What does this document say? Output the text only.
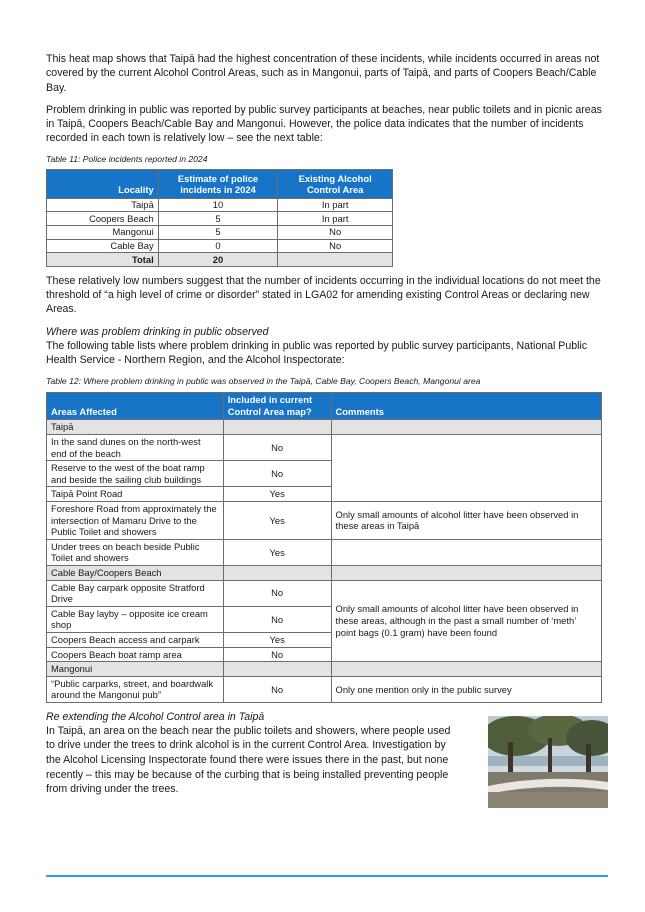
This heat map shows that Taipā had the highest concentration of these incidents, while incidents occurred in areas not covered by the current Alcohol Control Areas, such as in Mangonui, parts of Taipā, and parts of Coopers Beach/Cable Bay.

Problem drinking in public was reported by public survey participants at beaches, near public toilets and in picnic areas in Taipā, Coopers Beach/Cable Bay and Mangonui. However, the police data indicates that the number of incidents recorded in each town is relatively low – see the next table:

Table 11: Police incidents reported in 2024
Locality	Estimate of police incidents in 2024	Existing Alcohol Control Area
Taipā	10	In part
Coopers Beach	5	In part
Mangonui	5	No
Cable Bay	0	No
Total	20	

These relatively low numbers suggest that the number of incidents occurring in the individual locations do not meet the threshold of “a high level of crime or disorder” stated in LGA02 for amending existing Control Areas or declaring new Areas.

Where was problem drinking in public observed

The following table lists where problem drinking in public was reported by public survey participants, National Public Health Service - Northern Region, and the Alcohol Inspectorate:

Table 12: Where problem drinking in public was observed in the Taipā, Cable Bay, Coopers Beach, Mangonui area
Areas Affected	Included in current Control Area map?	Comments
Taipā		
In the sand dunes on the north-west end of the beach	No	
Reserve to the west of the boat ramp and beside the sailing club buildings	No	
Taipā Point Road	Yes	
Foreshore Road from approximately the intersection of Mamaru Drive to the Public Toilet and showers	Yes	Only small amounts of alcohol litter have been observed in these areas in Taipā
Under trees on beach beside Public Toilet and showers	Yes	
Cable Bay/Coopers Beach		
Cable Bay carpark opposite Stratford Drive	No	Only small amounts of alcohol litter have been observed in these areas, although in the past a small number of ‘meth’ point bags (0.1 gram) have been found
Cable Bay layby – opposite ice cream shop	No	
Coopers Beach access and carpark	Yes	
Coopers Beach boat ramp area	No	
Mangonui		
“Public carparks, street, and boardwalk around the Mangonui pub”	No	Only one mention only in the public survey
Re extending the Alcohol Control area in Taipā

In Taipā, an area on the beach near the public toilets and showers, where people used to drive under the trees to drink alcohol is in the current Control Area. Investigation by the Alcohol Licensing Inspectorate found there were issues there in the past, but none recently – this may be because of the curbing that is being installed preventing people from driving under the trees.
